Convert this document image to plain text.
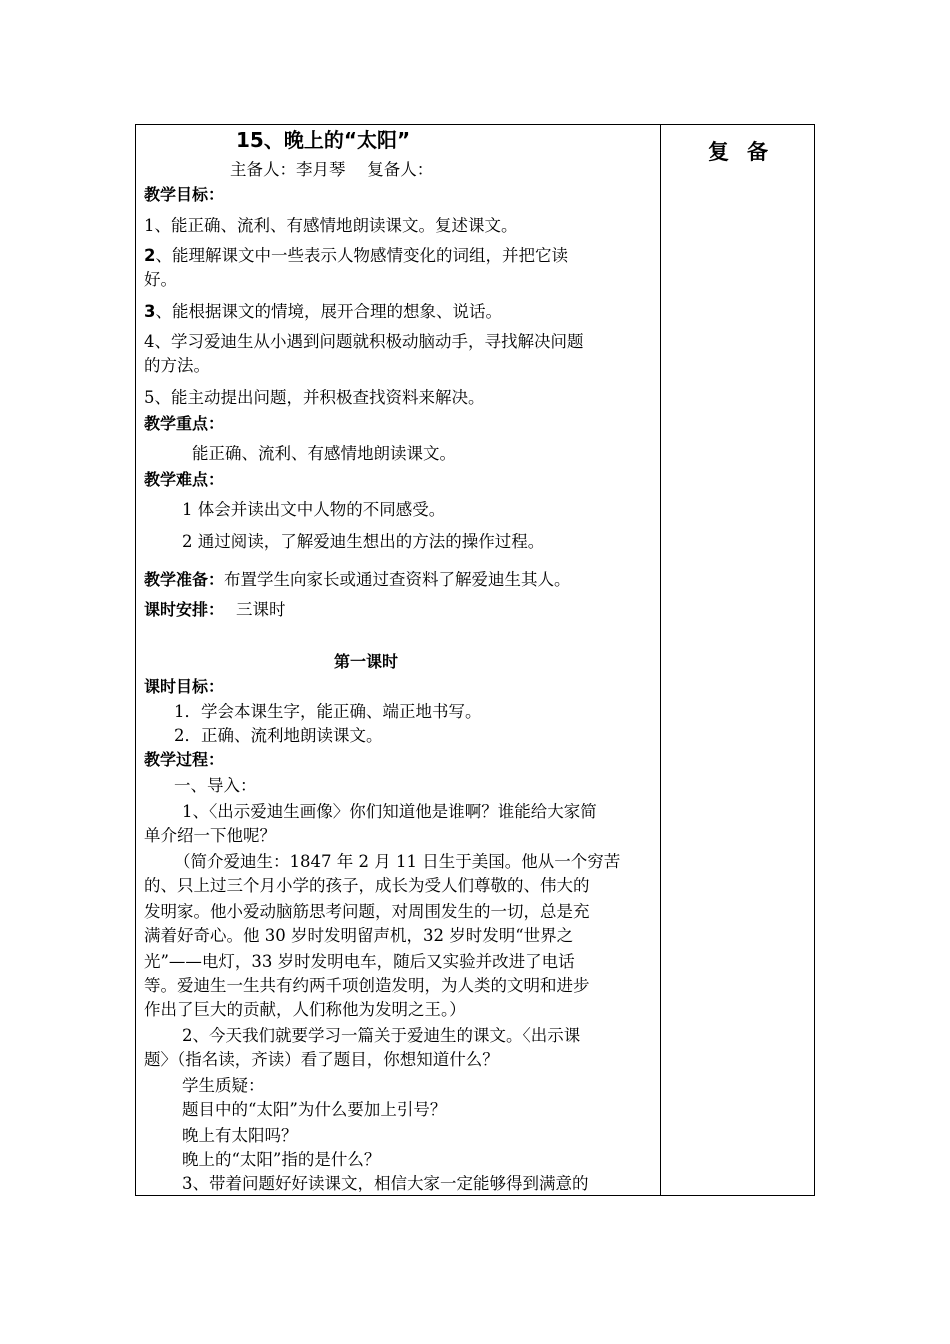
复备
15、晚上的“太阳”
主备人：李月琴　 复备人：
教学目标：
1、能正确、流利、有感情地朗读课文。复述课文。
2、能理解课文中一些表示人物感情变化的词组，并把它读
好。
3、能根据课文的情境，展开合理的想象、说话。
4、学习爱迪生从小遇到问题就积极动脑动手，寻找解决问题
的方法。
5、能主动提出问题，并积极查找资料来解决。
教学重点：
能正确、流利、有感情地朗读课文。
教学难点：
1 体会并读出文中人物的不同感受。
2 通过阅读，了解爱迪生想出的方法的操作过程。
教学准备：布置学生向家长或通过查资料了解爱迪生其人。
课时安排： 三课时
第一课时
课时目标：
1．学会本课生字，能正确、端正地书写。
2．正确、流利地朗读课文。
教学过程：
一、导入：
1、〈出示爱迪生画像〉你们知道他是谁啊？谁能给大家简
单介绍一下他呢？
（简介爱迪生：1847 年 2 月 11 日生于美国。他从一个穷苦
的、只上过三个月小学的孩子，成长为受人们尊敬的、伟大的
发明家。他小爱动脑筋思考问题，对周围发生的一切，总是充
满着好奇心。他 30 岁时发明留声机，32 岁时发明“世界之
光”——电灯，33 岁时发明电车，随后又实验并改进了电话
等。爱迪生一生共有约两千项创造发明，为人类的文明和进步
作出了巨大的贡献，人们称他为发明之王。）
2、今天我们就要学习一篇关于爱迪生的课文。〈出示课
题〉（指名读，齐读）看了题目，你想知道什么？
学生质疑：
题目中的“太阳”为什么要加上引号？
晚上有太阳吗？
晚上的“太阳”指的是什么？
3、带着问题好好读课文，相信大家一定能够得到满意的
